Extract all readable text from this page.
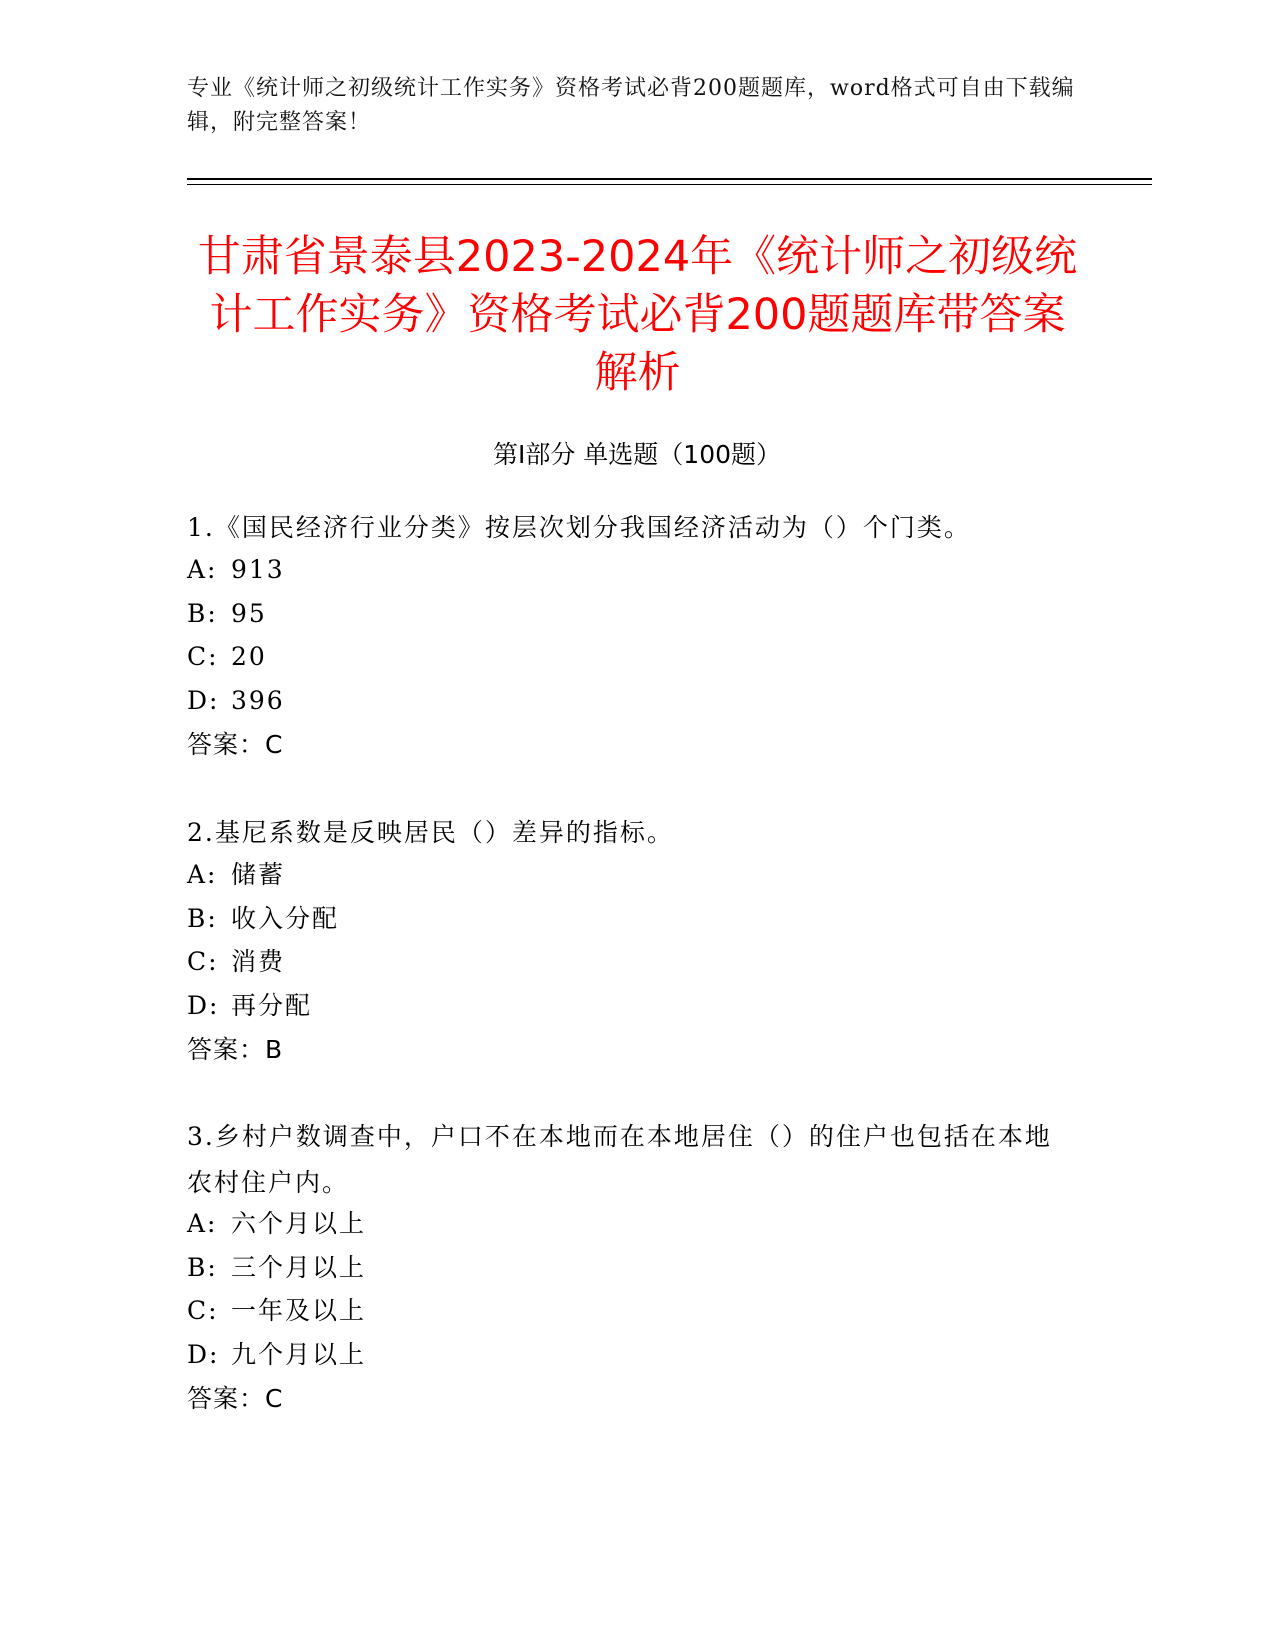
专业《统计师之初级统计工作实务》资格考试必背200题题库，word格式可自由下载编辑，附完整答案！
甘肃省景泰县2023-2024年《统计师之初级统计工作实务》资格考试必背200题题库带答案解析
第Ⅰ部分 单选题（100题）
1.《国民经济行业分类》按层次划分我国经济活动为（）个门类。
A: 913
B: 95
C: 20
D: 396
答案：C
2.基尼系数是反映居民（）差异的指标。
A: 储蓄
B: 收入分配
C: 消费
D: 再分配
答案：B
3.乡村户数调查中，户口不在本地而在本地居住（）的住户也包括在本地农村住户内。
A: 六个月以上
B: 三个月以上
C: 一年及以上
D: 九个月以上
答案：C
